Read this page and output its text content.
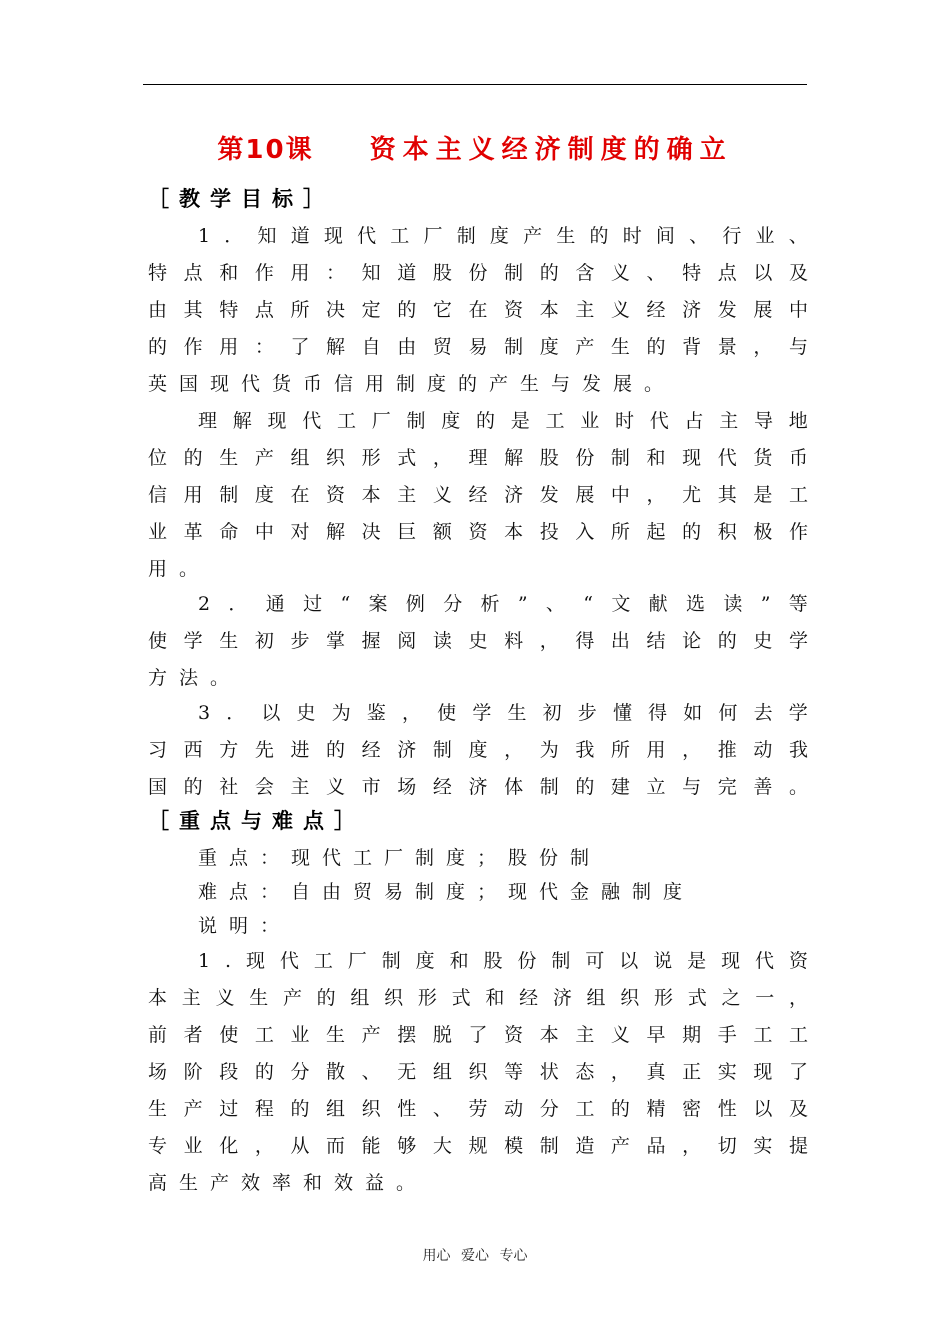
第10课 资本主义经济制度的确立
［教学目标］
1 ． 知 道 现 代 工 厂 制 度 产 生 的 时 间 、 行 业 、
特 点 和 作 用 ： 知 道 股 份 制 的 含 义 、 特 点 以 及
由 其 特 点 所 决 定 的 它 在 资 本 主 义 经 济 发 展 中
的 作 用 ： 了 解 自 由 贸 易 制 度 产 生 的 背 景 ， 与
英国现代货币信用制度的产生与发展。
理 解 现 代 工 厂 制 度 的 是 工 业 时 代 占 主 导 地
位 的 生 产 组 织 形 式 ， 理 解 股 份 制 和 现 代 货 币
信 用 制 度 在 资 本 主 义 经 济 发 展 中 ， 尤 其 是 工
业 革 命 中 对 解 决 巨 额 资 本 投 入 所 起 的 积 极 作
用。
2 ． 通 过 “ 案 例 分 析 ” 、 “ 文 献 选 读 ” 等
使 学 生 初 步 掌 握 阅 读 史 料 ， 得 出 结 论 的 史 学
方法。
3 ． 以 史 为 鉴 ， 使 学 生 初 步 懂 得 如 何 去 学
习 西 方 先 进 的 经 济 制 度 ， 为 我 所 用 ， 推 动 我
国 的 社 会 主 义 市 场 经 济 体 制 的 建 立 与 完 善 。
［重点与难点］
重点：现代工厂制度；股份制
难点：自由贸易制度；现代金融制度
说明：
1 . 现 代 工 厂 制 度 和 股 份 制 可 以 说 是 现 代 资
本 主 义 生 产 的 组 织 形 式 和 经 济 组 织 形 式 之 一 ，
前 者 使 工 业 生 产 摆 脱 了 资 本 主 义 早 期 手 工 工
场 阶 段 的 分 散 、 无 组 织 等 状 态 ， 真 正 实 现 了
生 产 过 程 的 组 织 性 、 劳 动 分 工 的 精 密 性 以 及
专 业 化 ， 从 而 能 够 大 规 模 制 造 产 品 ， 切 实 提
高生产效率和效益。
用心 爱心 专心
